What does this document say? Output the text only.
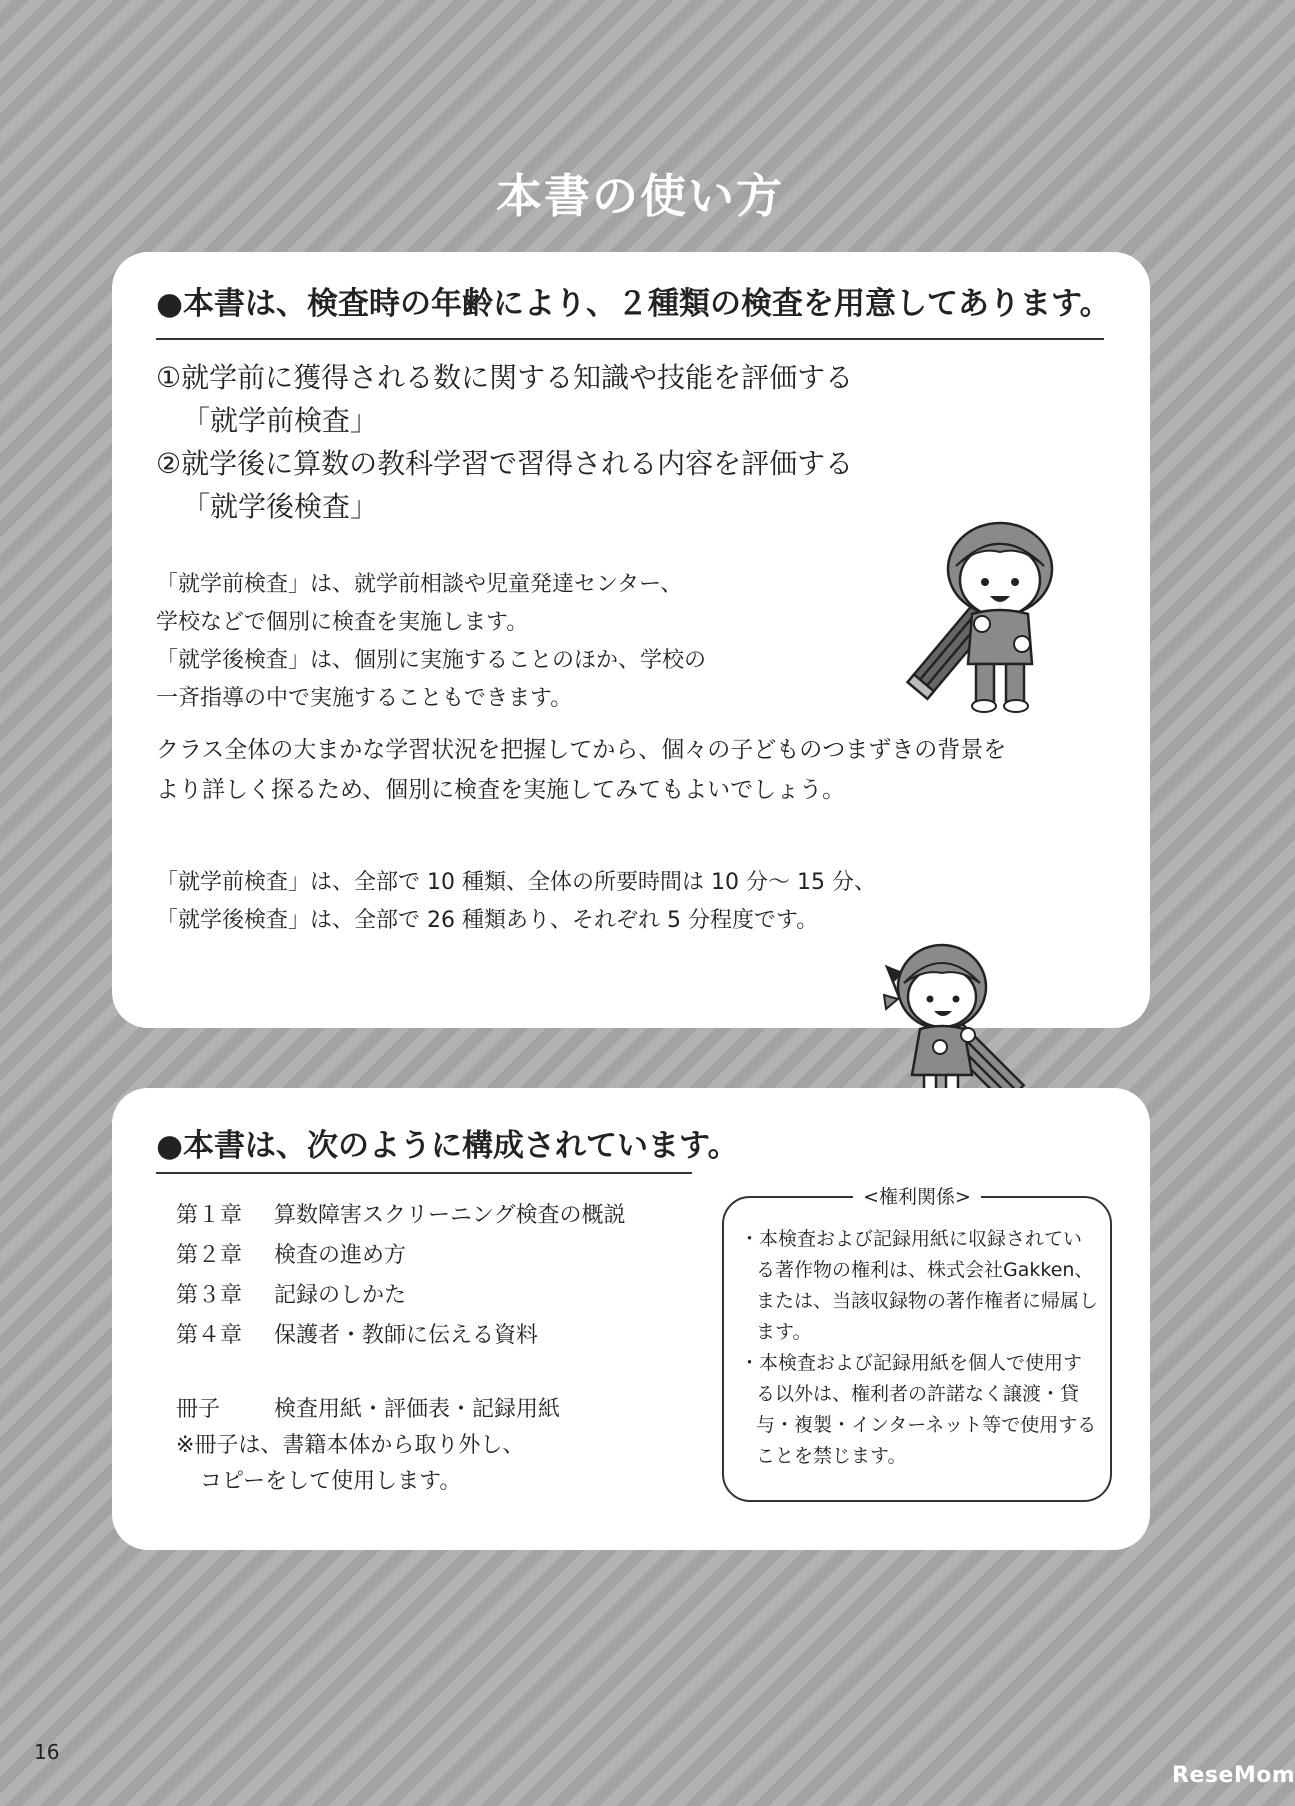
本書の使い方
●本書は、検査時の年齢により、２種類の検査を用意してあります。
①就学前に獲得される数に関する知識や技能を評価する
「就学前検査」
②就学後に算数の教科学習で習得される内容を評価する
「就学後検査」
「就学前検査」は、就学前相談や児童発達センター、
学校などで個別に検査を実施します。
「就学後検査」は、個別に実施することのほか、学校の
一斉指導の中で実施することもできます。
クラス全体の大まかな学習状況を把握してから、個々の子どものつまずきの背景を
より詳しく探るため、個別に検査を実施してみてもよいでしょう。
「就学前検査」は、全部で 10 種類、全体の所要時間は 10 分～ 15 分、
「就学後検査」は、全部で 26 種類あり、それぞれ 5 分程度です。
●本書は、次のように構成されています。
第１章 算数障害スクリーニング検査の概説
第２章 検査の進め方
第３章 記録のしかた
第４章 保護者・教師に伝える資料
冊子 検査用紙・評価表・記録用紙
※冊子は、書籍本体から取り外し、
コピーをして使用します。
<権利関係>
・本検査および記録用紙に収録されている著作物の権利は、株式会社Gakken、または、当該収録物の著作権者に帰属します。
・本検査および記録用紙を個人で使用する以外は、権利者の許諾なく譲渡・貸与・複製・インターネット等で使用することを禁じます。
16
ReseMom
